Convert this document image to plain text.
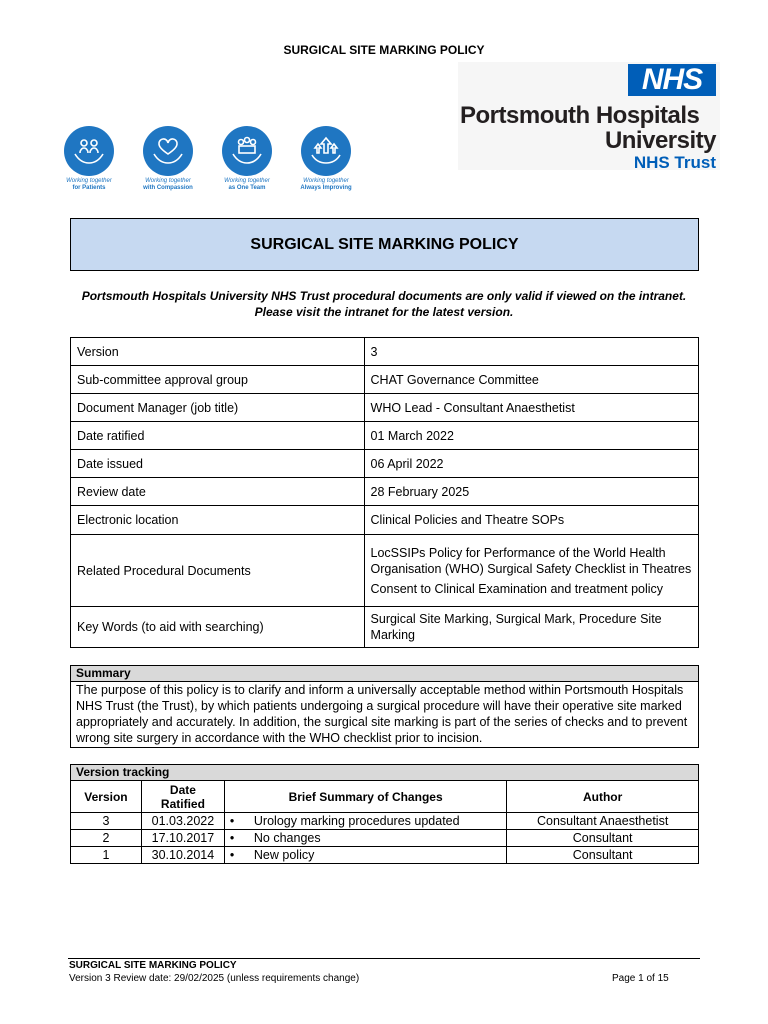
SURGICAL SITE MARKING POLICY
NHS
Portsmouth Hospitals
University
NHS Trust
Working together
for Patients
Working together
with Compassion
Working together
as One Team
Working together
Always Improving
SURGICAL SITE MARKING POLICY
Portsmouth Hospitals University NHS Trust procedural documents are only valid if viewed on the intranet.
Please visit the intranet for the latest version.
Version	3
Sub-committee approval group	CHAT Governance Committee
Document Manager (job title)	WHO Lead - Consultant Anaesthetist
Date ratified	01 March 2022
Date issued	06 April 2022
Review date	28 February 2025
Electronic location	Clinical Policies and Theatre SOPs
Related Procedural Documents	LocSSIPs Policy for Performance of the World Health Organisation (WHO) Surgical Safety Checklist in Theatres
Consent to Clinical Examination and treatment policy

Key Words (to aid with searching)	Surgical Site Marking, Surgical Mark, Procedure Site Marking
Summary
The purpose of this policy is to clarify and inform a universally acceptable method within Portsmouth Hospitals NHS Trust (the Trust), by which patients undergoing a surgical procedure will have their operative site marked appropriately and accurately. In addition, the surgical site marking is part of the series of checks and to prevent wrong site surgery in accordance with the WHO checklist prior to incision.
Version tracking			
Version	Date Ratified	Brief Summary of Changes	Author
3	01.03.2022	• Urology marking procedures updated	Consultant Anaesthetist
2	17.10.2017	• No changes	Consultant
1	30.10.2014	• New policy	Consultant
SURGICAL SITE MARKING POLICY
Version 3 Review date: 29/02/2025 (unless requirements change)	Page 1 of 15
